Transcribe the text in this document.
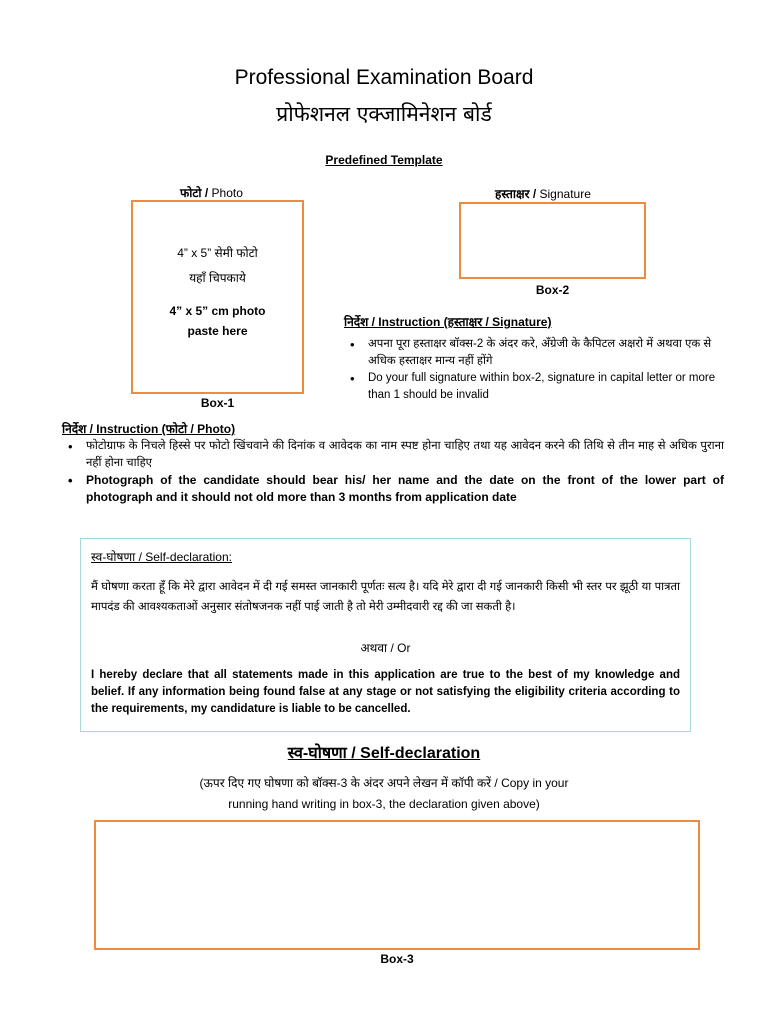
Professional Examination Board
प्रोफेशनल एक्जामिनेशन बोर्ड
Predefined Template
फोटो / Photo
4” x 5” सेमी फोटो
यहाँ चिपकाये
4” x 5” cm photo
paste here
Box-1
हस्ताक्षर / Signature
Box-2
निर्देश / Instruction (हस्ताक्षर / Signature)
• अपना पूरा हस्ताक्षर बॉक्स-2 के अंदर करे, अँग्रेजी के कैपिटल अक्षरो में अथवा एक से अधिक हस्ताक्षर मान्य नहीं होंगे
• Do your full signature within box-2, signature in capital letter or more than 1 should be invalid
निर्देश / Instruction (फोटो / Photo)
• फोटोग्राफ के निचले हिस्से पर फोटो खिंचवाने की दिनांक व आवेदक का नाम स्पष्ट होना चाहिए तथा यह आवेदन करने की तिथि से तीन माह से अधिक पुराना नहीं होना चाहिए
• Photograph of the candidate should bear his/ her name and the date on the front of the lower part of photograph and it should not old more than 3 months from application date
स्व-घोषणा / Self-declaration:
मैं घोषणा करता हूँ कि मेरे द्वारा आवेदन में दी गई समस्त जानकारी पूर्णतः सत्य है। यदि मेरे द्वारा दी गई जानकारी किसी भी स्तर पर झूठी या पात्रता मापदंड की आवश्यकताओं अनुसार संतोषजनक नहीं पाई जाती है तो मेरी उम्मीदवारी रद्द की जा सकती है।
अथवा / Or
I hereby declare that all statements made in this application are true to the best of my knowledge and belief. If any information being found false at any stage or not satisfying the eligibility criteria according to the requirements, my candidature is liable to be cancelled.
स्व-घोषणा / Self-declaration
(ऊपर दिए गए घोषणा को बॉक्स-3 के अंदर अपने लेखन में कॉपी करें / Copy in your
running hand writing in box-3, the declaration given above)
Box-3
